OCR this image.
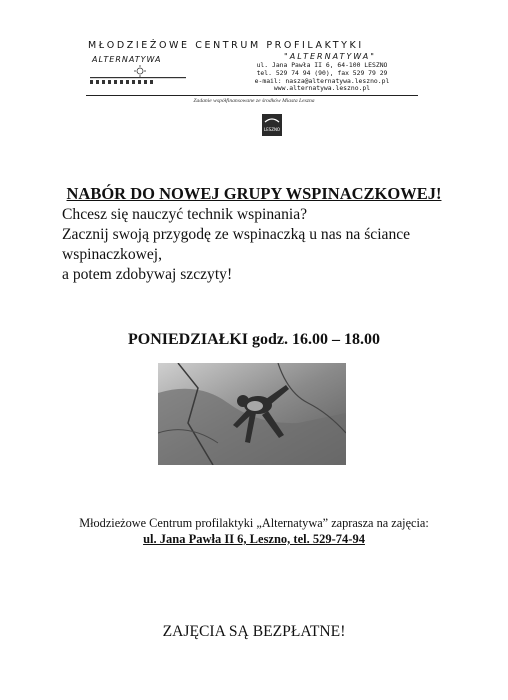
MŁODZIEŻOWE CENTRUM PROFILAKTYKI
"ALTERNATYWA"
ALTERNATYWA
ul. Jana Pawła II 6, 64-100 LESZNO
tel. 529 74 94 (90), fax 529 79 29
e-mail: nasza@alternatywa.leszno.pl
www.alternatywa.leszno.pl
Zadanie współfinansowane ze środków Miasta Leszna
LESZNO
NABÓR DO NOWEJ GRUPY WSPINACZKOWEJ!
Chcesz się nauczyć technik wspinania?
Zacznij swoją przygodę ze wspinaczką u nas na ściance
wspinaczkowej,
a potem zdobywaj szczyty!
PONIEDZIAŁKI godz. 16.00 – 18.00
Młodzieżowe Centrum profilaktyki „Alternatywa” zaprasza na zajęcia:
ul. Jana Pawła II 6, Leszno, tel. 529-74-94
ZAJĘCIA SĄ BEZPŁATNE!
